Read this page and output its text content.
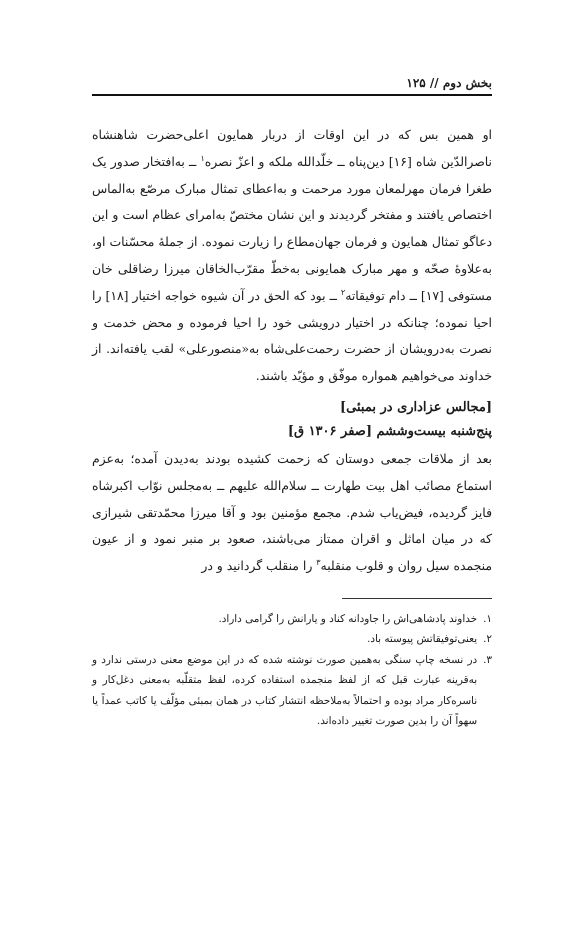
بخش دوم // ۱۲۵

او همین بس که در این اوقات از دربار همایون اعلی‌حضرت شاهنشاه ناصرالدّین شاه [۱۶] دین‌پناه ــ خلّدالله ملکه و اعزّ نصره$^۱$ ــ به‌افتخار صدور یک طغرا فرمان مهرلمعان مورد مرحمت و به‌اعطای تمثال مبارک مرصّع به‌الماس اختصاص یافتند و مفتخر گردیدند و این نشان مختصّ به‌امرای عظام است و این دعاگو تمثال همایون و فرمان جهان‌مطاع را زیارت نموده. از جملهٔ محسّنات او، به‌علاوهٔ صحّه و مهر مبارک همایونی به‌خطّ مقرّب‌الخاقان میرزا رضاقلی خان مستوفی [۱۷] ــ دام توفیقاته$^۲$ ــ بود که الحق در آن شیوه خواجه اختیار [۱۸] را احیا نموده؛ چنانکه در اختیار درویشی خود را احیا فرموده و محض خدمت و نصرت به‌درویشان از حضرت رحمت‌علی‌شاه به«منصورعلی» لقب یافته‌اند. از خداوند می‌خواهیم همواره موفّق و مؤیّد باشند.

[مجالس عزاداری در بمبئی]
پنج‌شنبه بیست‌وششم [صفر ۱۳۰۶ ق]

بعد از ملاقات جمعی دوستان که زحمت کشیده بودند به‌دیدن آمده؛ به‌عزم استماع مصائب اهل بیت طهارت ــ سلام‌الله علیهم ــ به‌مجلس نوّاب اکبرشاه فایز گردیده، فیض‌یاب شدم. مجمع مؤمنین بود و آقا میرزا محمّدتقی شیرازی که در میان اماثل و اقران ممتاز می‌باشند، صعود بر منبر نمود و از عیون منجمده سیل روان و قلوب منقلبه$^۳$ را منقلب گردانید و در

۱.
خداوند پادشاهی‌اش را جاودانه کناد و یارانش را گرامی داراد.
۲.
یعنی‌توفیقاتش پیوسته باد.
۳.
در نسخه چاپ سنگی به‌همین صورت نوشته شده که در این موضع معنی درستی ندارد و به‌قرینه عبارت قبل که از لفظ منجمده استفاده کرده، لفظ متقلّبه به‌معنی دغل‌کار و ناسره‌کار مراد بوده و احتمالاً به‌ملاحظه انتشار کتاب در همان بمبئی مؤلّف یا کاتب عمداً یا سهواً آن را بدین صورت تغییر داده‌اند.
